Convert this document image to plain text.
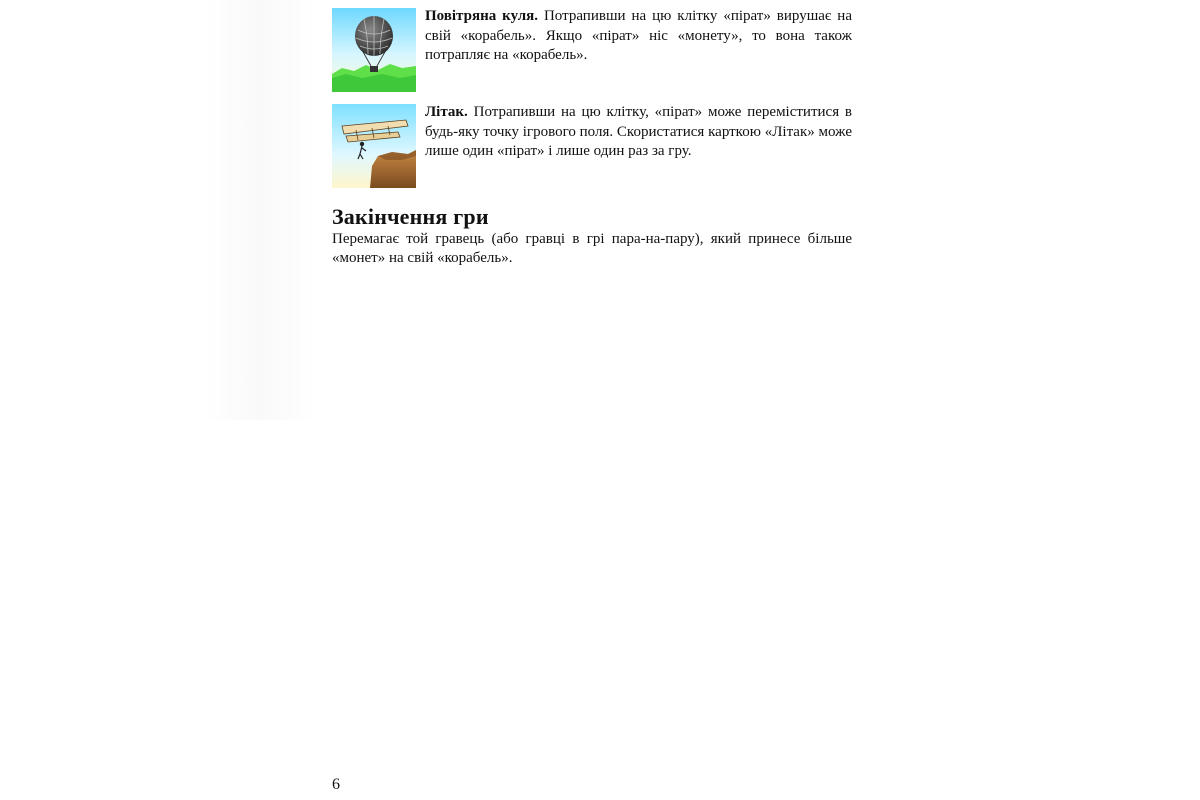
Повітряна куля. Потрапивши на цю клітку «пірат» вирушає на свій «корабель». Якщо «пірат» ніс «монету», то вона також потрапляє на «корабель».
Літак. Потрапивши на цю клітку, «пірат» може переміститися в будь-яку точку ігрового поля. Скористатися карткою «Літак» може лише один «пірат» і лише один раз за гру.
Закінчення гри
Перемагає той гравець (або гравці в грі пара-на-пару), який принесе більше «монет» на свій «корабель».
6
